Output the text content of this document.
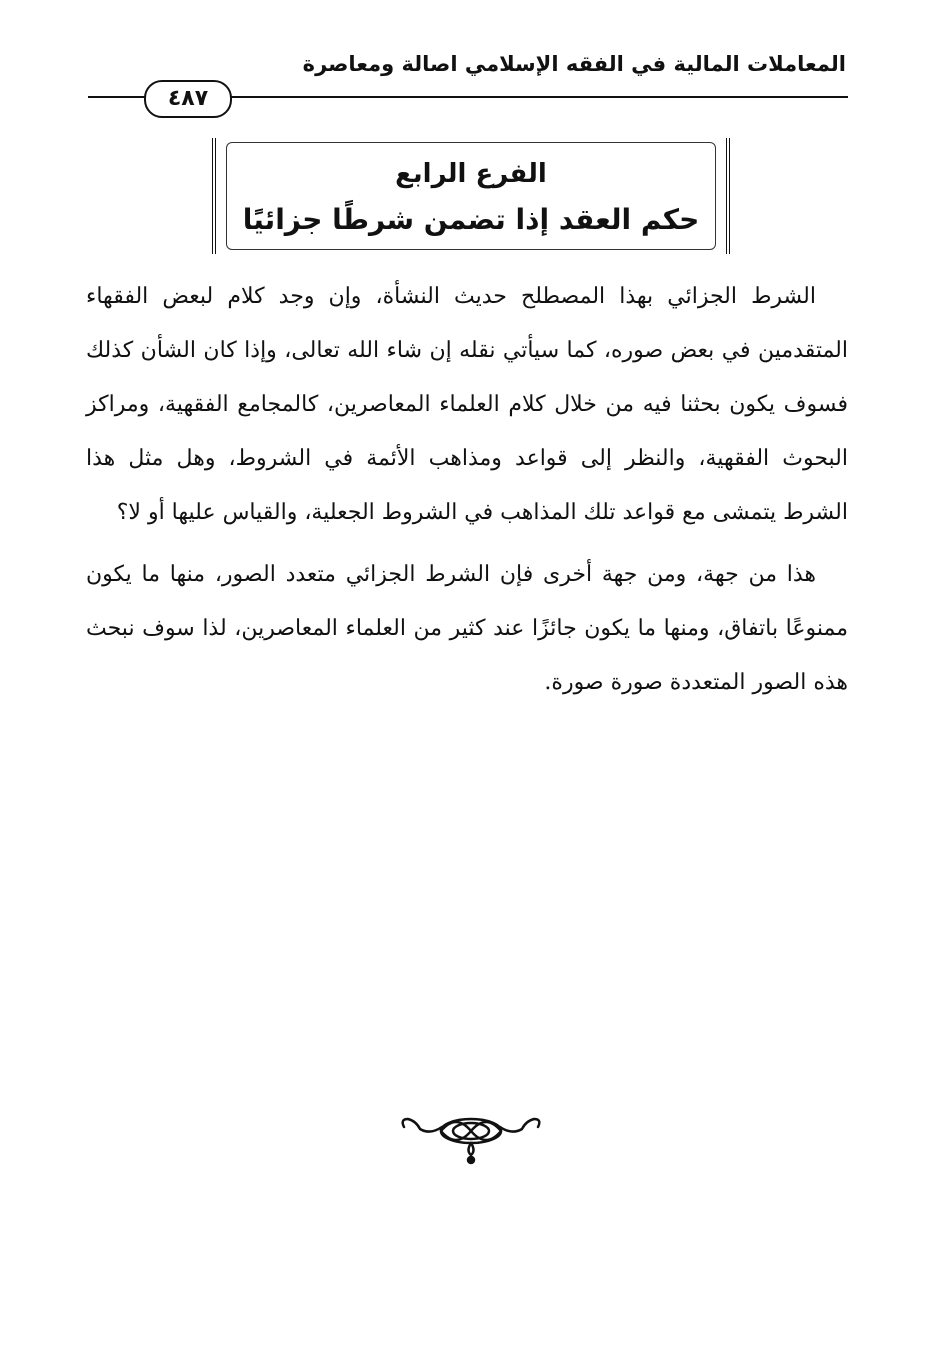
المعاملات المالية في الفقه الإسلامي اصالة ومعاصرة
٤٨٧
الفرع الرابع
حكم العقد إذا تضمن شرطًا جزائيًا

الشرط الجزائي بهذا المصطلح حديث النشأة، وإن وجد كلام لبعض الفقهاء المتقدمين في بعض صوره، كما سيأتي نقله إن شاء الله تعالى، وإذا كان الشأن كذلك فسوف يكون بحثنا فيه من خلال كلام العلماء المعاصرين، كالمجامع الفقهية، ومراكز البحوث الفقهية، والنظر إلى قواعد ومذاهب الأئمة في الشروط، وهل مثل هذا الشرط يتمشى مع قواعد تلك المذاهب في الشروط الجعلية، والقياس عليها أو لا؟

هذا من جهة، ومن جهة أخرى فإن الشرط الجزائي متعدد الصور، منها ما يكون ممنوعًا باتفاق، ومنها ما يكون جائزًا عند كثير من العلماء المعاصرين، لذا سوف نبحث هذه الصور المتعددة صورة صورة.
